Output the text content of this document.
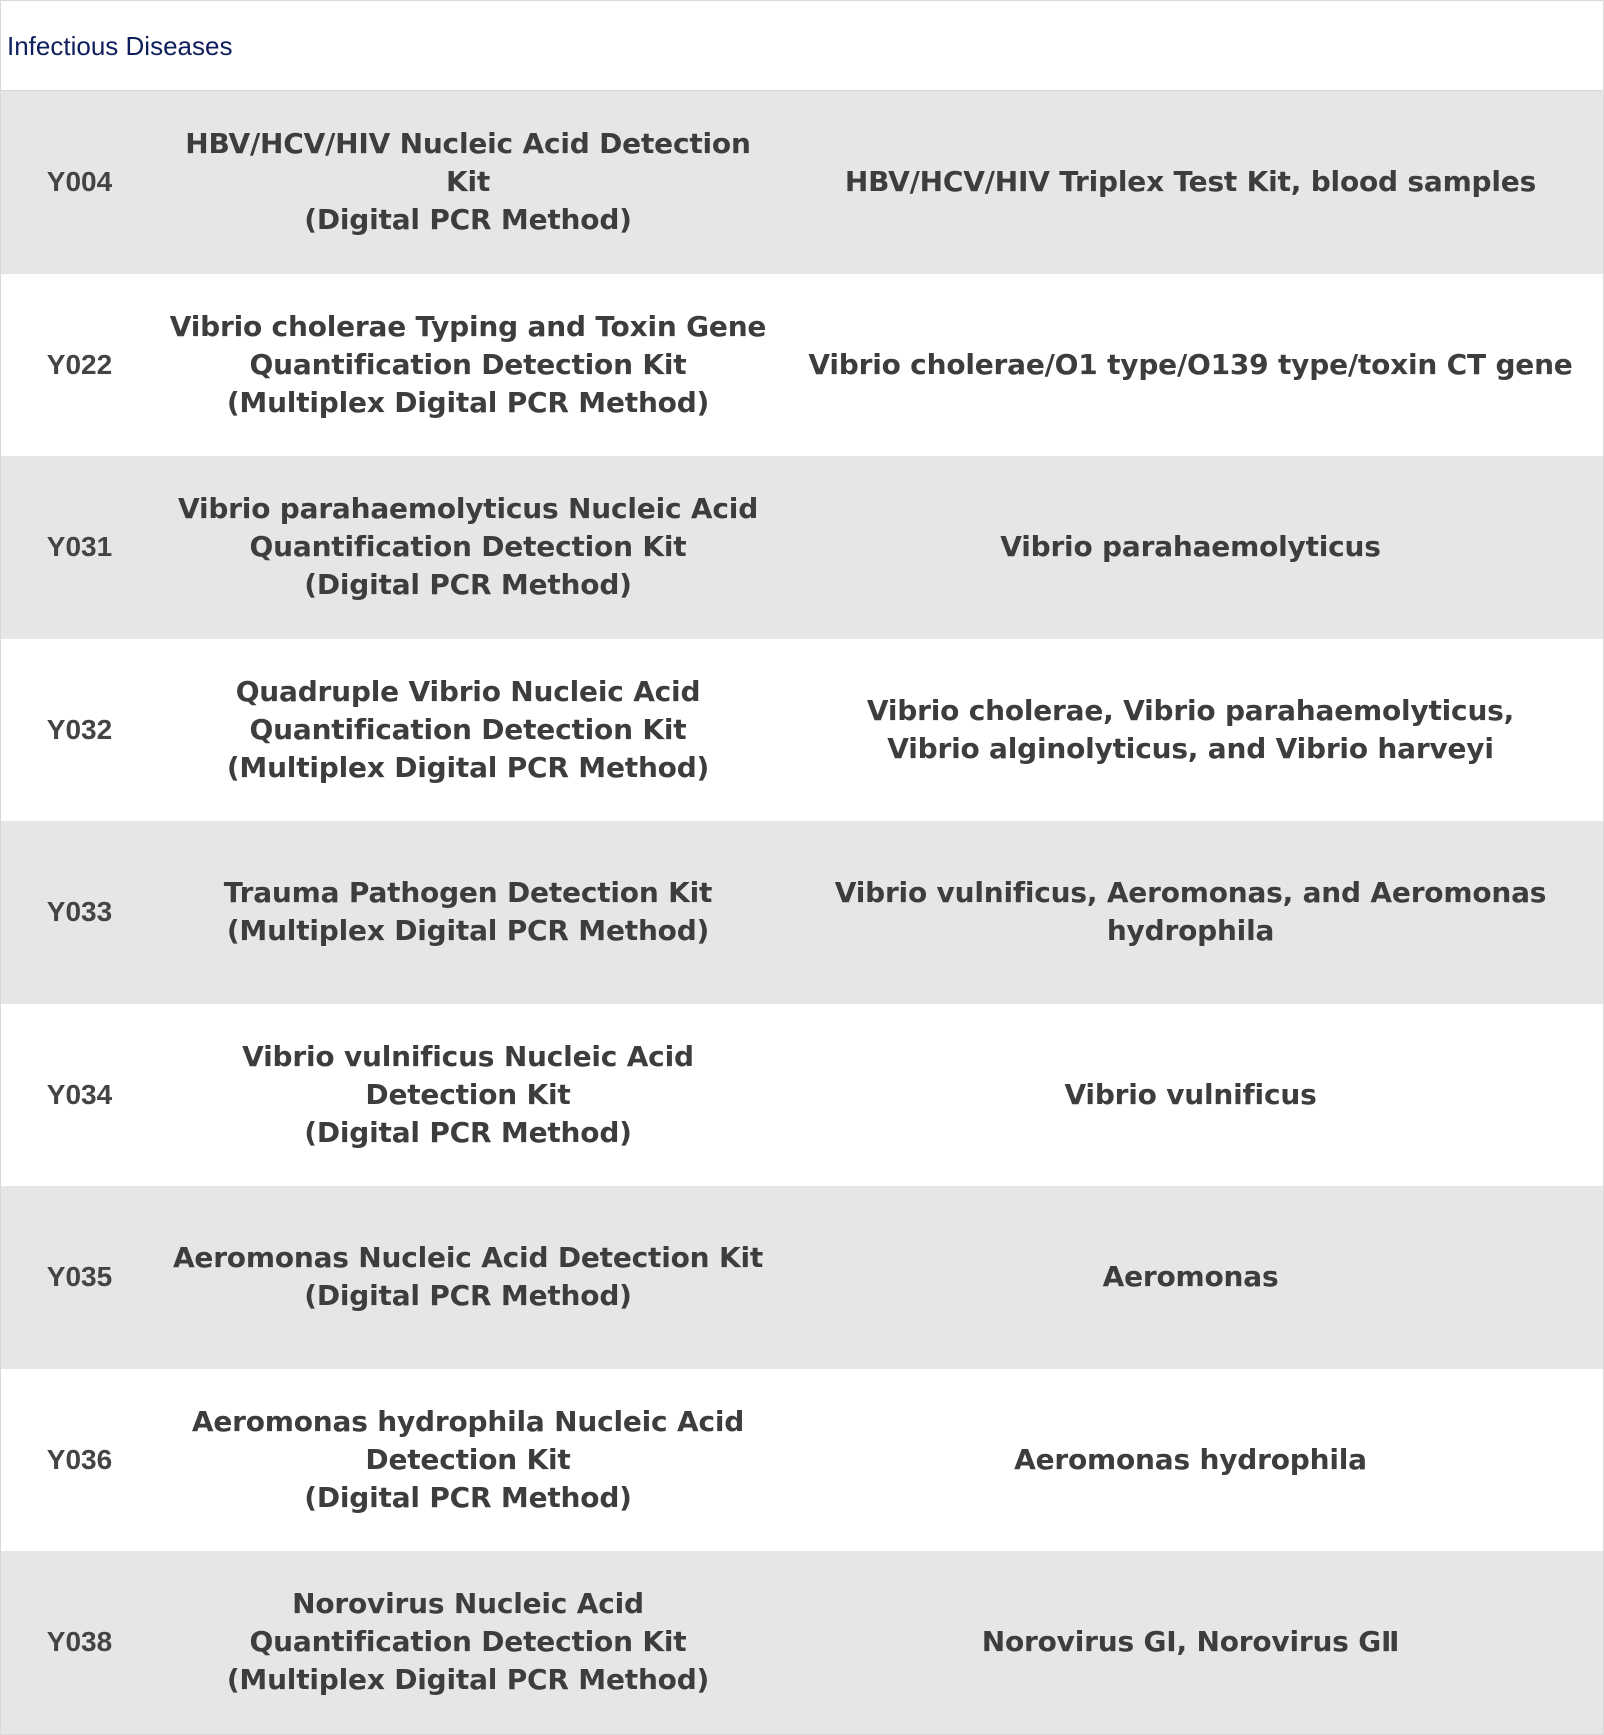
Infectious Diseases
Y004
HBV/HCV/HIV Nucleic Acid Detection Kit
(Digital PCR Method)
HBV/HCV/HIV Triplex Test Kit, blood samples
Y022
Vibrio cholerae Typing and Toxin Gene
Quantification Detection Kit
(Multiplex Digital PCR Method)
Vibrio cholerae/O1 type/O139 type/toxin CT gene
Y031
Vibrio parahaemolyticus Nucleic Acid
Quantification Detection Kit
(Digital PCR Method)
Vibrio parahaemolyticus
Y032
Quadruple Vibrio Nucleic Acid
Quantification Detection Kit
(Multiplex Digital PCR Method)
Vibrio cholerae, Vibrio parahaemolyticus,
Vibrio alginolyticus, and Vibrio harveyi
Y033
Trauma Pathogen Detection Kit
(Multiplex Digital PCR Method)
Vibrio vulnificus, Aeromonas, and Aeromonas hydrophila
Y034
Vibrio vulnificus Nucleic Acid Detection Kit
(Digital PCR Method)
Vibrio vulnificus
Y035
Aeromonas Nucleic Acid Detection Kit
(Digital PCR Method)
Aeromonas
Y036
Aeromonas hydrophila Nucleic Acid
Detection Kit
(Digital PCR Method)
Aeromonas hydrophila
Y038
Norovirus Nucleic Acid
Quantification Detection Kit
(Multiplex Digital PCR Method)
Norovirus GⅠ, Norovirus GⅡ
